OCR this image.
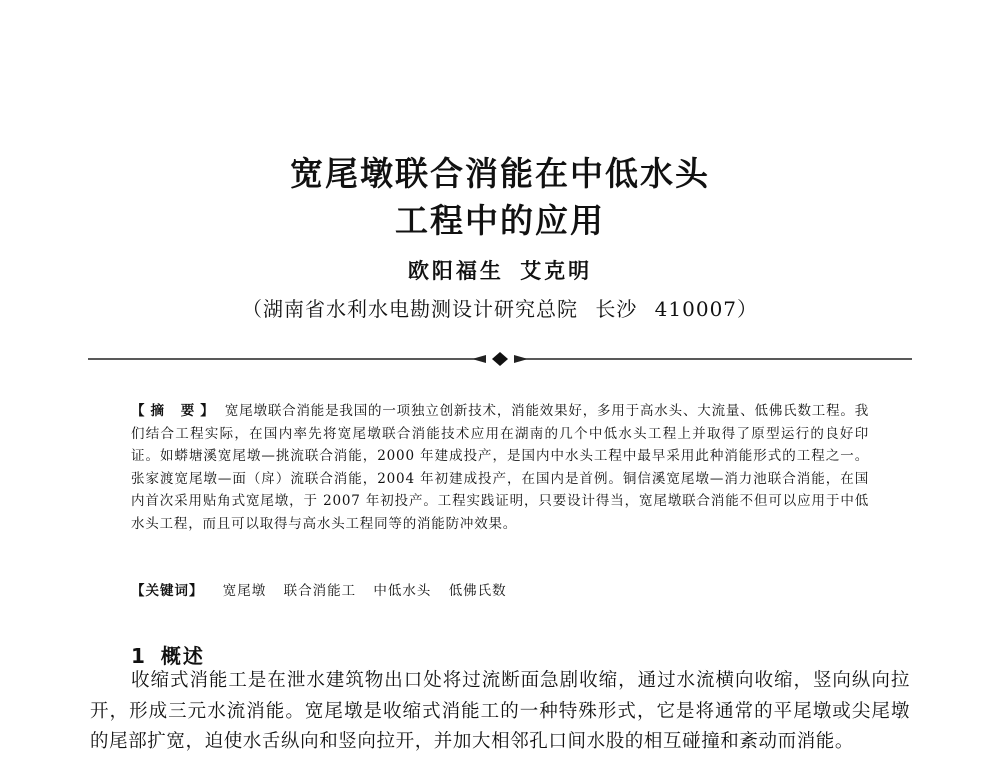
宽尾墩联合消能在中低水头
工程中的应用
欧阳福生 艾克明
（湖南省水利水电勘测设计研究总院 长沙 410007）
【摘 要】 宽尾墩联合消能是我国的一项独立创新技术，消能效果好，多用于高水头、大流量、低佛氏数工程。我们结合工程实际，在国内率先将宽尾墩联合消能技术应用在湖南的几个中低水头工程上并取得了原型运行的良好印证。如蟒塘溪宽尾墩—挑流联合消能，2000 年建成投产，是国内中水头工程中最早采用此种消能形式的工程之一。张家渡宽尾墩—面（戽）流联合消能，2004 年初建成投产，在国内是首例。铜信溪宽尾墩—消力池联合消能，在国内首次采用贴角式宽尾墩，于 2007 年初投产。工程实践证明，只要设计得当，宽尾墩联合消能不但可以应用于中低水头工程，而且可以取得与高水头工程同等的消能防冲效果。
【关键词】 宽尾墩 联合消能工 中低水头 低佛氏数
1 概述
收缩式消能工是在泄水建筑物出口处将过流断面急剧收缩，通过水流横向收缩，竖向纵向拉开，形成三元水流消能。宽尾墩是收缩式消能工的一种特殊形式，它是将通常的平尾墩或尖尾墩的尾部扩宽，迫使水舌纵向和竖向拉开，并加大相邻孔口间水股的相互碰撞和紊动而消能。
